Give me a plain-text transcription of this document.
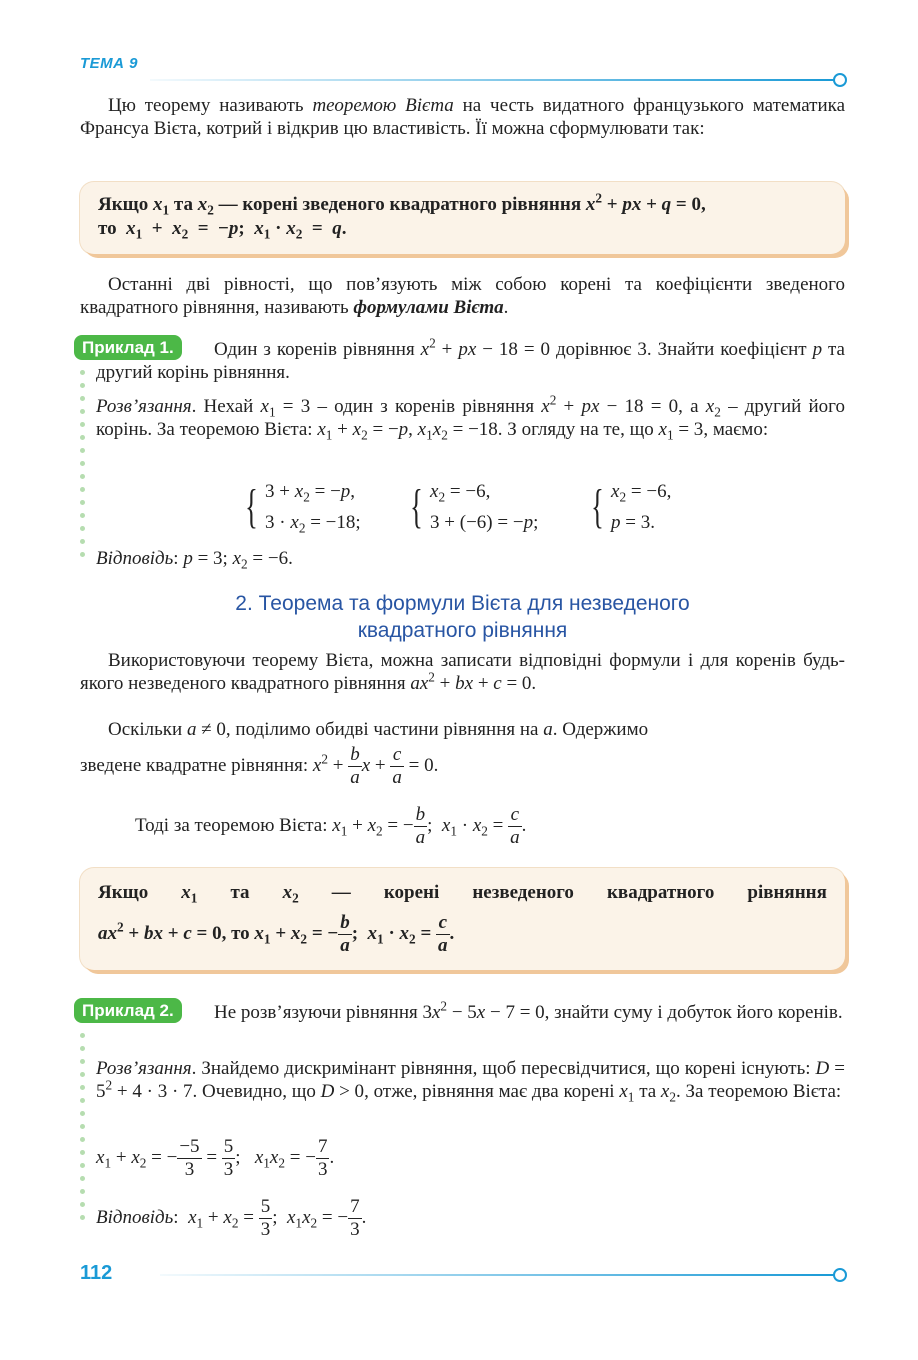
ТЕМА 9
Цю теорему називають теоремою Вієта на честь видатного французького математика Франсуа Вієта, котрий і відкрив цю властивість. Її можна сформулювати так:
Якщо $x_1$ та $x_2$ — корені зведеного квадратного рівняння $x^2$ + px + q = 0,
то $x_1 + x_2 = -p$;  $x_1 \cdot x_2 = q$.
Останні дві рівності, що пов’язують між собою корені та коефіцієнти зведеного квадратного рівняння, називають формулами Вієта.
Приклад 1.	Один з коренів рівняння $x^2$ + px − 18 = 0 дорівнює 3. Знайти коефіцієнт p та другий корінь рівняння.
Розв’язання. Нехай $x_1 = 3$ – один з коренів рівняння $x^2$ + px − 18 = 0, а $x_2$ – другий його корінь. За теоремою Вієта: $x_1 + x_2 = -p$, $x_1x_2 = -18$. З огляду на те, що $x_1 = 3$, маємо:
{ $3 + x_2 = -p$,
$3 \cdot x_2 = -18$; { $x_2 = -6$,
3 + (−6) = −p; { $x_2 = -6$,
p = 3.
Відповідь: p = 3; $x_2 = -6$.
2. Теорема та формули Вієта для незведеного
квадратного рівняння
Використовуючи теорему Вієта, можна записати відповідні формули і для коренів будь-якого незведеного квадратного рівняння $ax^2$ + bx + c = 0.
Оскільки a ≠ 0, поділимо обидві частини рівняння на a. Одержимо
зведене квадратне рівняння: $x^2 + \frac{b}{a}$ $x + \frac{c}{a} = 0$.
Тоді за теоремою Вієта: $x_1 + x_2$ = − $\frac{b}{a}$ ;  $x_1 \cdot x_2 = \frac{c}{a}$ .
Якщо $x_1$ та $x_2$ — корені незведеного квадратного рівняння
$ax^2$ + bx + c = 0, то $x_1 + x_2$ = − $\frac{b}{a}$ ;  $x_1 \cdot x_2 = \frac{c}{a}$ .
Приклад 2.	Не розв’язуючи рівняння $3x^2 - 5x - 7 = 0$, знайти суму і добуток його коренів.
Розв’язання. Знайдемо дискримінант рівняння, щоб пересвідчитися, що корені існують: $D = 5^2 + 4 \cdot 3 \cdot 7$. Очевидно, що D > 0, отже, рівняння має два корені $x_1$ та $x_2$. За теоремою Вієта:
$x_1 + x_2$ = − $\frac{-5}{3} = \frac{5}{3}$ ;   $x_1x_2$ = − $\frac{7}{3}$ .
Відповідь:  $x_1 + x_2 = \frac{5}{3}$ ;  $x_1x_2$ = − $\frac{7}{3}$ .
112
